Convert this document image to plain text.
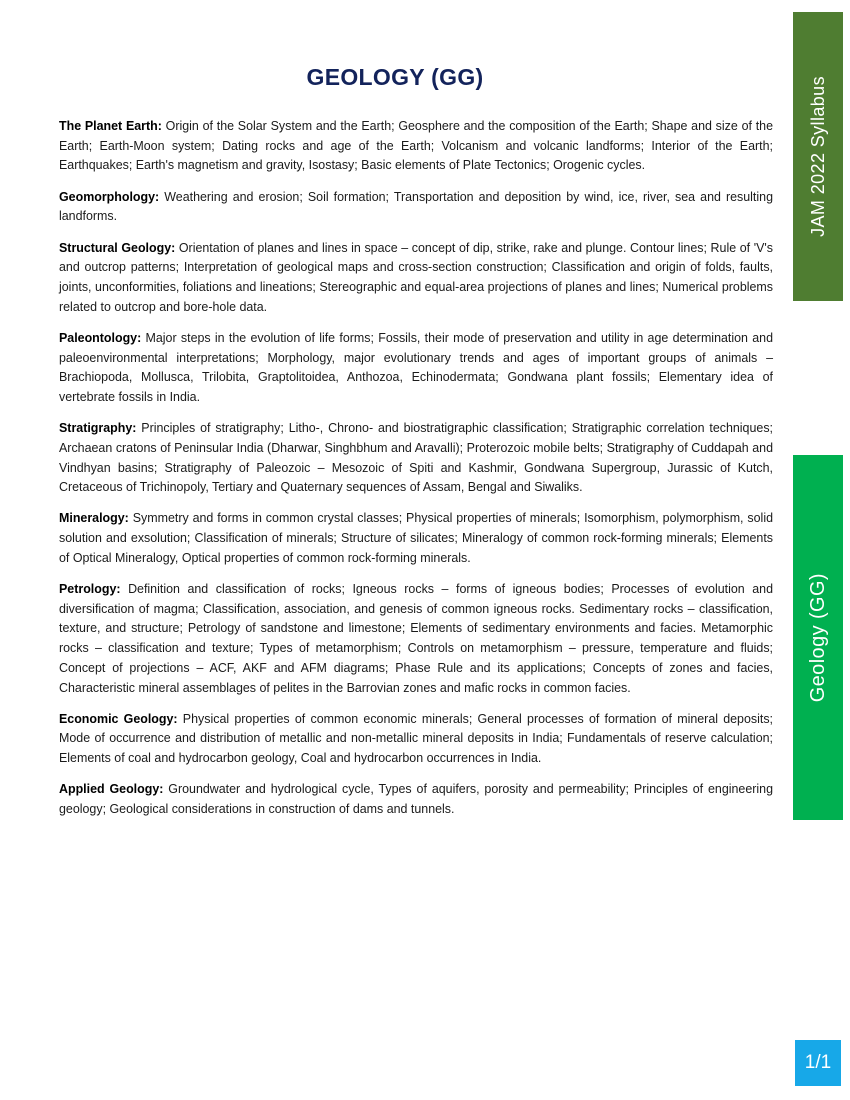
GEOLOGY (GG)

The Planet Earth: Origin of the Solar System and the Earth; Geosphere and the composition of the Earth; Shape and size of the Earth; Earth-Moon system; Dating rocks and age of the Earth; Volcanism and volcanic landforms; Interior of the Earth; Earthquakes; Earth's magnetism and gravity, Isostasy; Basic elements of Plate Tectonics; Orogenic cycles.

Geomorphology: Weathering and erosion; Soil formation; Transportation and deposition by wind, ice, river, sea and resulting landforms.

Structural Geology: Orientation of planes and lines in space – concept of dip, strike, rake and plunge. Contour lines; Rule of 'V's and outcrop patterns; Interpretation of geological maps and cross-section construction; Classification and origin of folds, faults, joints, unconformities, foliations and lineations; Stereographic and equal-area projections of planes and lines; Numerical problems related to outcrop and bore-hole data.

Paleontology: Major steps in the evolution of life forms; Fossils, their mode of preservation and utility in age determination and paleoenvironmental interpretations; Morphology, major evolutionary trends and ages of important groups of animals – Brachiopoda, Mollusca, Trilobita, Graptolitoidea, Anthozoa, Echinodermata; Gondwana plant fossils; Elementary idea of vertebrate fossils in India.

Stratigraphy: Principles of stratigraphy; Litho-, Chrono- and biostratigraphic classification; Stratigraphic correlation techniques; Archaean cratons of Peninsular India (Dharwar, Singhbhum and Aravalli); Proterozoic mobile belts; Stratigraphy of Cuddapah and Vindhyan basins; Stratigraphy of Paleozoic – Mesozoic of Spiti and Kashmir, Gondwana Supergroup, Jurassic of Kutch, Cretaceous of Trichinopoly, Tertiary and Quaternary sequences of Assam, Bengal and Siwaliks.

Mineralogy: Symmetry and forms in common crystal classes; Physical properties of minerals; Isomorphism, polymorphism, solid solution and exsolution; Classification of minerals; Structure of silicates; Mineralogy of common rock-forming minerals; Elements of Optical Mineralogy, Optical properties of common rock-forming minerals.

Petrology: Definition and classification of rocks; Igneous rocks – forms of igneous bodies; Processes of evolution and diversification of magma; Classification, association, and genesis of common igneous rocks. Sedimentary rocks – classification, texture, and structure; Petrology of sandstone and limestone; Elements of sedimentary environments and facies. Metamorphic rocks – classification and texture; Types of metamorphism; Controls on metamorphism – pressure, temperature and fluids; Concept of projections – ACF, AKF and AFM diagrams; Phase Rule and its applications; Concepts of zones and facies, Characteristic mineral assemblages of pelites in the Barrovian zones and mafic rocks in common facies.

Economic Geology: Physical properties of common economic minerals; General processes of formation of mineral deposits; Mode of occurrence and distribution of metallic and non-metallic mineral deposits in India; Fundamentals of reserve calculation; Elements of coal and hydrocarbon geology, Coal and hydrocarbon occurrences in India.

Applied Geology: Groundwater and hydrological cycle, Types of aquifers, porosity and permeability; Principles of engineering geology; Geological considerations in construction of dams and tunnels.

JAM 2022 Syllabus
Geology (GG)
1/1
